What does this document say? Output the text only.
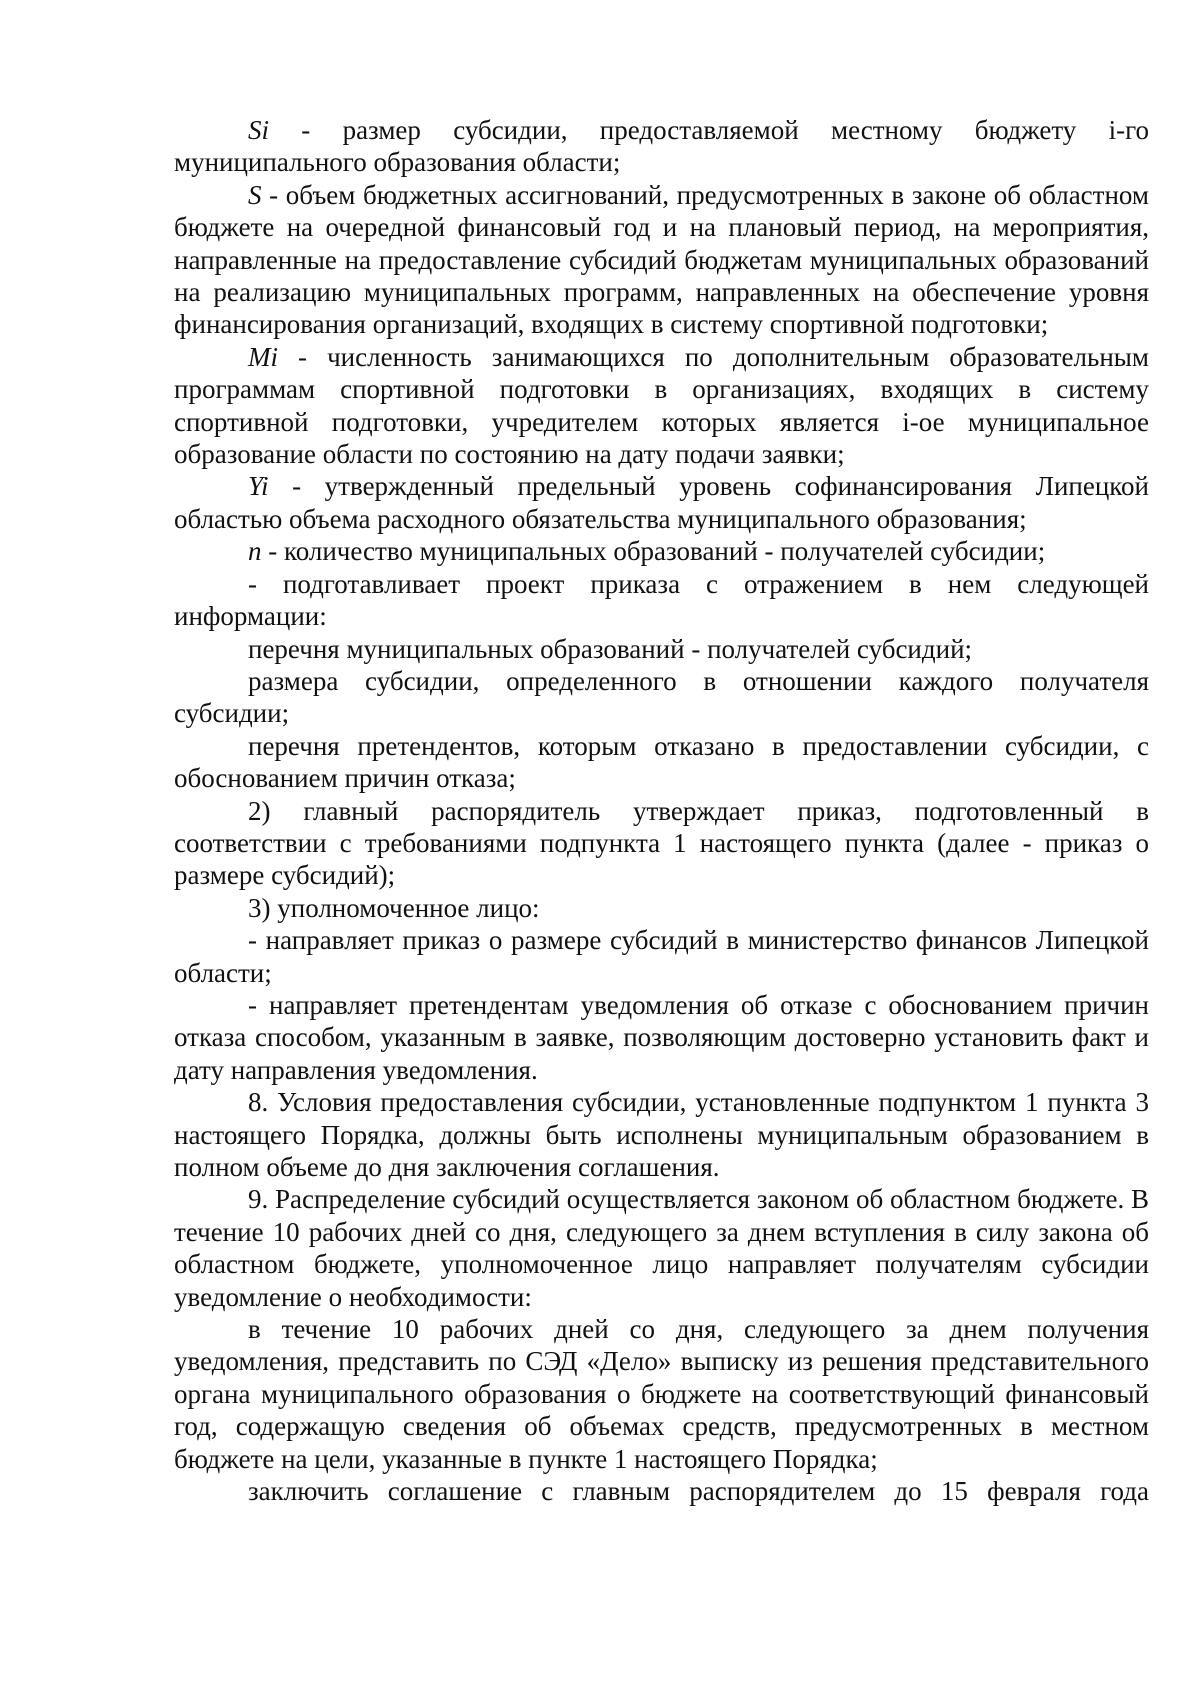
Si - размер субсидии, предоставляемой местному бюджету i-го муниципального образования области;

S - объем бюджетных ассигнований, предусмотренных в законе об областном бюджете на очередной финансовый год и на плановый период, на мероприятия, направленные на предоставление субсидий бюджетам муниципальных образований на реализацию муниципальных программ, направленных на обеспечение уровня финансирования организаций, входящих в систему спортивной подготовки;

Mi - численность занимающихся по дополнительным образовательным программам спортивной подготовки в организациях, входящих в систему спортивной подготовки, учредителем которых является i-ое муниципальное образование области по состоянию на дату подачи заявки;

Yi - утвержденный предельный уровень софинансирования Липецкой областью объема расходного обязательства муниципального образования;

n - количество муниципальных образований - получателей субсидии;

- подготавливает проект приказа с отражением в нем следующей информации:

перечня муниципальных образований - получателей субсидий;

размера субсидии, определенного в отношении каждого получателя субсидии;

перечня претендентов, которым отказано в предоставлении субсидии, с обоснованием причин отказа;

2) главный распорядитель утверждает приказ, подготовленный в соответствии с требованиями подпункта 1 настоящего пункта (далее - приказ о размере субсидий);

3) уполномоченное лицо:

- направляет приказ о размере субсидий в министерство финансов Липецкой области;

- направляет претендентам уведомления об отказе с обоснованием причин отказа способом, указанным в заявке, позволяющим достоверно установить факт и дату направления уведомления.

8. Условия предоставления субсидии, установленные подпунктом 1 пункта 3 настоящего Порядка, должны быть исполнены муниципальным образованием в полном объеме до дня заключения соглашения.

9. Распределение субсидий осуществляется законом об областном бюджете. В течение 10 рабочих дней со дня, следующего за днем вступления в силу закона об областном бюджете, уполномоченное лицо направляет получателям субсидии уведомление о необходимости:

в течение 10 рабочих дней со дня, следующего за днем получения уведомления, представить по СЭД «Дело» выписку из решения представительного органа муниципального образования о бюджете на соответствующий финансовый год, содержащую сведения об объемах средств, предусмотренных в местном бюджете на цели, указанные в пункте 1 настоящего Порядка;

заключить соглашение с главным распорядителем до 15 февраля года
